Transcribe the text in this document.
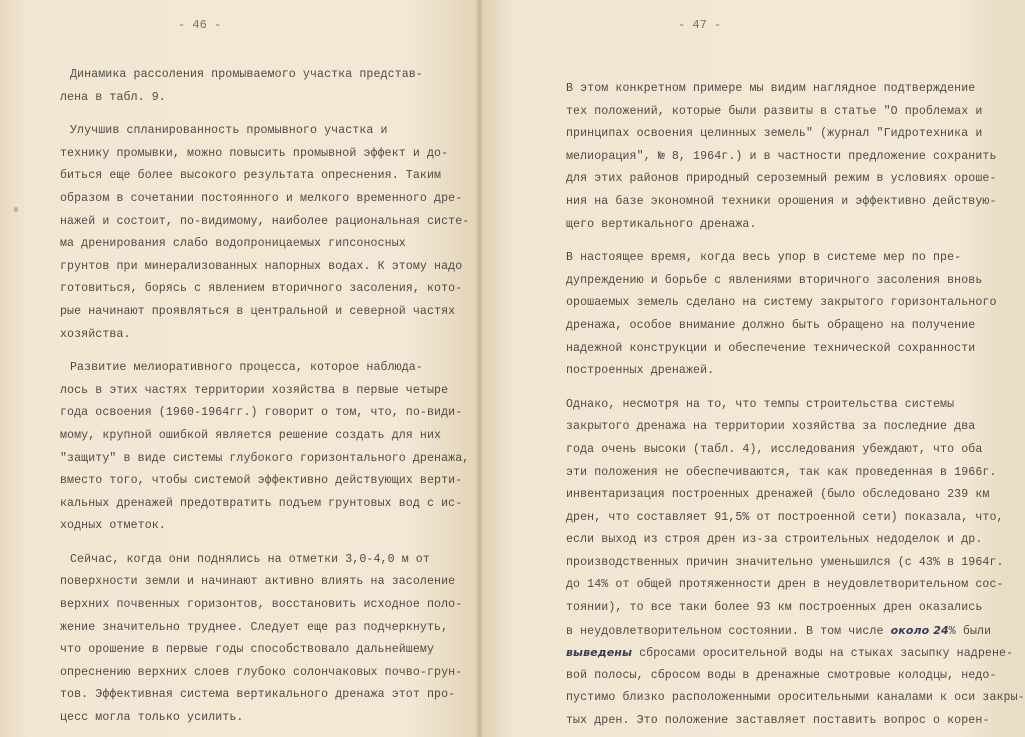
- 46 -
Динамика рассоления промываемого участка представ-
лена в табл. 9.
Улучшив спланированность промывного участка и
технику промывки, можно повысить промывной эффект и до-
биться еще более высокого результата опреснения. Таким
образом в сочетании постоянного и мелкого временного дре-
нажей и состоит, по-видимому, наиболее рациональная систе-
ма дренирования слабо водопроницаемых гипсоносных
грунтов при минерализованных напорных водах. К этому надо
готовиться, борясь с явлением вторичного засоления, кото-
рые начинают проявляться в центральной и северной частях
хозяйства.
Развитие мелиоративного процесса, которое наблюда-
лось в этих частях территории хозяйства в первые четыре
года освоения (1960-1964гг.) говорит о том, что, по-види-
мому, крупной ошибкой является решение создать для них
"защиту" в виде системы глубокого горизонтального дренажа,
вместо того, чтобы системой эффективно действующих верти-
кальных дренажей предотвратить подъем грунтовых вод с ис-
ходных отметок.
Сейчас, когда они поднялись на отметки 3,0-4,0 м от
поверхности земли и начинают активно влиять на засоление
верхних почвенных горизонтов, восстановить исходное поло-
жение значительно труднее. Следует еще раз подчеркнуть,
что орошение в первые годы способствовало дальнейшему
опреснению верхних слоев глубоко солончаковых почво-грун-
тов. Эффективная система вертикального дренажа этот про-
цесс могла только усилить.
- 47 -
В этом конкретном примере мы видим наглядное подтверждение
тех положений, которые были развиты в статье "О проблемах и
принципах освоения целинных земель" (журнал "Гидротехника и
мелиорация", № 8, 1964г.) и в частности предложение сохранить
для этих районов природный сероземный режим в условиях ороше-
ния на базе экономной техники орошения и эффективно действую-
щего вертикального дренажа.
В настоящее время, когда весь упор в системе мер по пре-
дупреждению и борьбе с явлениями вторичного засоления вновь
орошаемых земель сделано на систему закрытого горизонтального
дренажа, особое внимание должно быть обращено на получение
надежной конструкции и обеспечение технической сохранности
построенных дренажей.
Однако, несмотря на то, что темпы строительства системы
закрытого дренажа на территории хозяйства за последние два
года очень высоки (табл. 4), исследования убеждают, что оба
эти положения не обеспечиваются, так как проведенная в 1966г.
инвентаризация построенных дренажей (было обследовано 239 км
дрен, что составляет 91,5% от построенной сети) показала, что,
если выход из строя дрен из-за строительных недоделок и др.
производственных причин значительно уменьшился (с 43% в 1964г.
до 14% от общей протяженности дрен в неудовлетворительном сос-
тоянии), то все таки более 93 км построенных дрен оказались
в неудовлетворительном состоянии. В том числе около 24% были
выведены сбросами оросительной воды на стыках засыпку надрене-
вой полосы, сбросом воды в дренажные смотровые колодцы, недо-
пустимо близко расположенными оросительными каналами к оси закры-
тых дрен. Это положение заставляет поставить вопрос о корен-
